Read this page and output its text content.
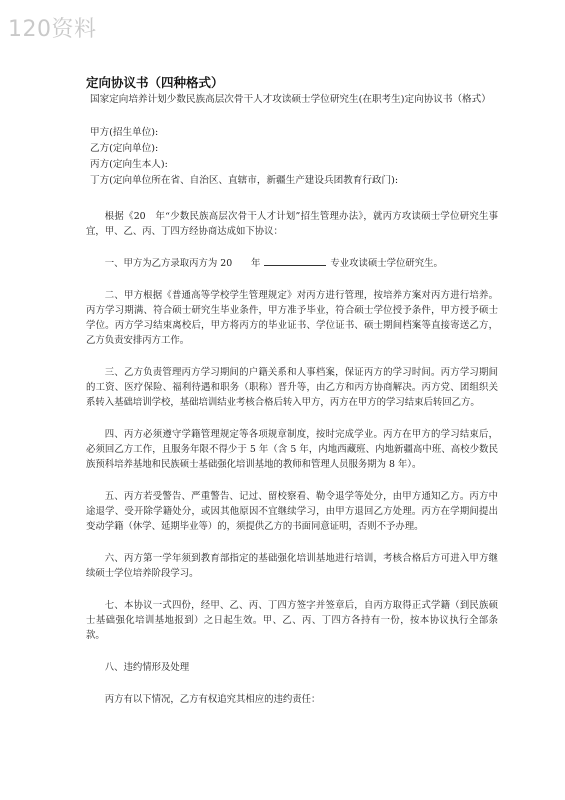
120资料
定向协议书（四种格式）
国家定向培养计划少数民族高层次骨干人才攻读硕士学位研究生(在职考生)定向协议书（格式）
甲方(招生单位):
乙方(定向单位):
丙方(定向生本人):
丁方(定向单位所在省、自治区、直辖市，新疆生产建设兵团教育行政门):

根据《20　年“少数民族高层次骨干人才计划”招生管理办法》，就丙方攻读硕士学位研究生事宜，甲、乙、丙、丁四方经协商达成如下协议：

一、甲方为乙方录取丙方为 20　　年	专业攻读硕士学位研究生。

二、甲方根据《普通高等学校学生管理规定》对丙方进行管理，按培养方案对丙方进行培养。丙方学习期满、符合硕士研究生毕业条件，甲方准予毕业，符合硕士学位授予条件，甲方授予硕士学位。丙方学习结束离校后，甲方将丙方的毕业证书、学位证书、硕士期间档案等直接寄送乙方，乙方负责安排丙方工作。

三、乙方负责管理丙方学习期间的户籍关系和人事档案，保证丙方的学习时间。丙方学习期间的工资、医疗保险、福利待遇和职务（职称）晋升等，由乙方和丙方协商解决。丙方党、团组织关系转入基础培训学校，基础培训结业考核合格后转入甲方，丙方在甲方的学习结束后转回乙方。

四、丙方必须遵守学籍管理规定等各项规章制度，按时完成学业。丙方在甲方的学习结束后，必须回乙方工作，且服务年限不得少于 5 年（含 5 年，内地西藏班、内地新疆高中班、高校少数民族预科培养基地和民族硕士基础强化培训基地的教师和管理人员服务期为 8 年）。

五、丙方若受警告、严重警告、记过、留校察看、勒令退学等处分，由甲方通知乙方。丙方中途退学、受开除学籍处分，或因其他原因不宜继续学习，由甲方退回乙方处理。丙方在学期间提出变动学籍（休学、延期毕业等）的，须提供乙方的书面同意证明，否则不予办理。

六、丙方第一学年须到教育部指定的基础强化培训基地进行培训，考核合格后方可进入甲方继续硕士学位培养阶段学习。

七、本协议一式四份，经甲、乙、丙、丁四方签字并签章后，自丙方取得正式学籍（到民族硕士基础强化培训基地报到）之日起生效。甲、乙、丙、丁四方各持有一份，按本协议执行全部条款。

八、违约情形及处理

丙方有以下情况，乙方有权追究其相应的违约责任：
